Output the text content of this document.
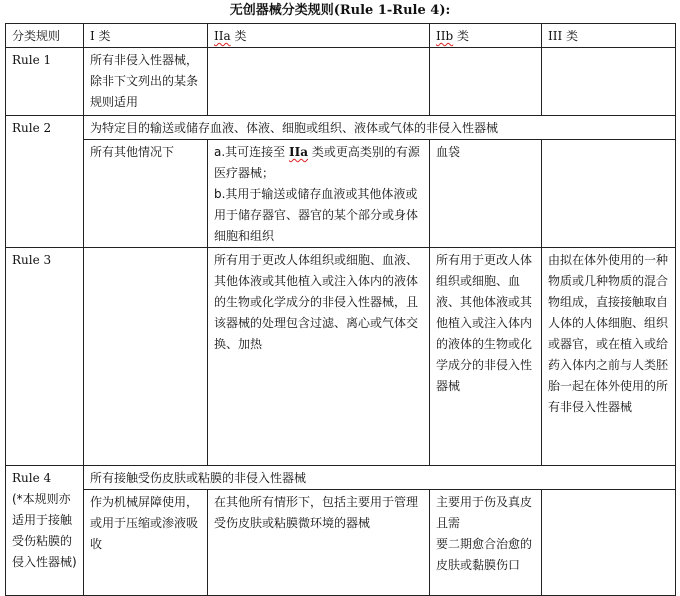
无创器械分类规则(Rule 1-Rule 4):
分类规则	I 类	IIa 类	IIb 类	III 类
Rule 1	所有非侵入性器械，除非下文列出的某条规则适用			
Rule 2	为特定目的输送或储存血液、体液、细胞或组织、液体或气体的非侵入性器械			
	所有其他情况下	a.其可连接至 IIa 类或更高类别的有源医疗器械；
b.其用于输送或储存血液或其他体液或用于储存器官、器官的某个部分或身体细胞和组织	血袋	
Rule 3		所有用于更改人体组织或细胞、血液、其他体液或其他植入或注入体内的液体的生物或化学成分的非侵入性器械，且该器械的处理包含过滤、离心或气体交换、加热	所有用于更改人体组织或细胞、血液、其他体液或其他植入或注入体内的液体的生物或化学成分的非侵入性器械	由拟在体外使用的一种物质或几种物质的混合物组成，直接接触取自人体的人体细胞、组织或器官，或在植入或给药入体内之前与人类胚胎一起在体外使用的所有非侵入性器械

Rule 4
(*本规则亦适用于接触受伤粘膜的侵入性器械)	所有接触受伤皮肤或粘膜的非侵入性器械			
	作为机械屏障使用，或用于压缩或渗液吸收	在其他所有情形下，包括主要用于管理受伤皮肤或粘膜微环境的器械	主要用于伤及真皮且需
要二期愈合治愈的皮肤或黏膜伤口	
